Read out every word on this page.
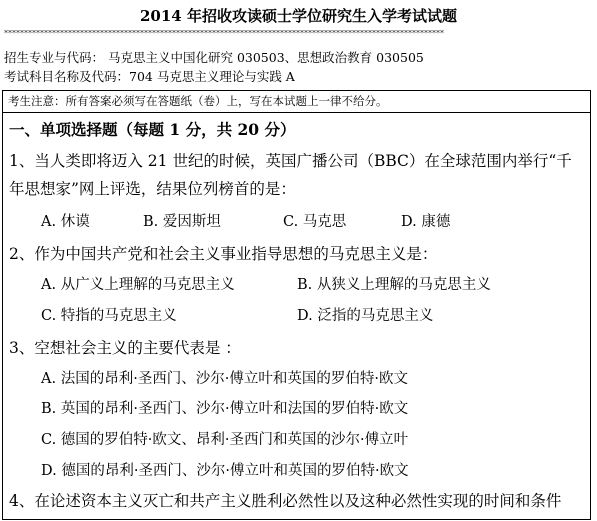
2014 年招收攻读硕士学位研究生入学考试试题
**************************************************************************************************************
招生专业与代码： 马克思主义中国化研究 030503、思想政治教育 030505
考试科目名称及代码：704 马克思主义理论与实践 A
考生注意：所有答案必须写在答题纸（卷）上，写在本试题上一律不给分。
一、单项选择题（每题 1 分，共 20 分）
1、当人类即将迈入 21 世纪的时候，英国广播公司（BBC）在全球范围内举行“千年思想家”网上评选，结果位列榜首的是：
A. 休谟	B. 爱因斯坦	C. 马克思	D. 康德
2、作为中国共产党和社会主义事业指导思想的马克思主义是：
A. 从广义上理解的马克思主义	B. 从狭义上理解的马克思主义
C. 特指的马克思主义	D. 泛指的马克思主义
3、空想社会主义的主要代表是 ：
A. 法国的昂利·圣西门、沙尔·傅立叶和英国的罗伯特·欧文
B. 英国的昂利·圣西门、沙尔·傅立叶和法国的罗伯特·欧文
C. 德国的罗伯特·欧文、昂利·圣西门和英国的沙尔·傅立叶
D. 德国的昂利·圣西门、沙尔·傅立叶和英国的罗伯特·欧文
4、在论述资本主义灭亡和共产主义胜利必然性以及这种必然性实现的时间和条件
